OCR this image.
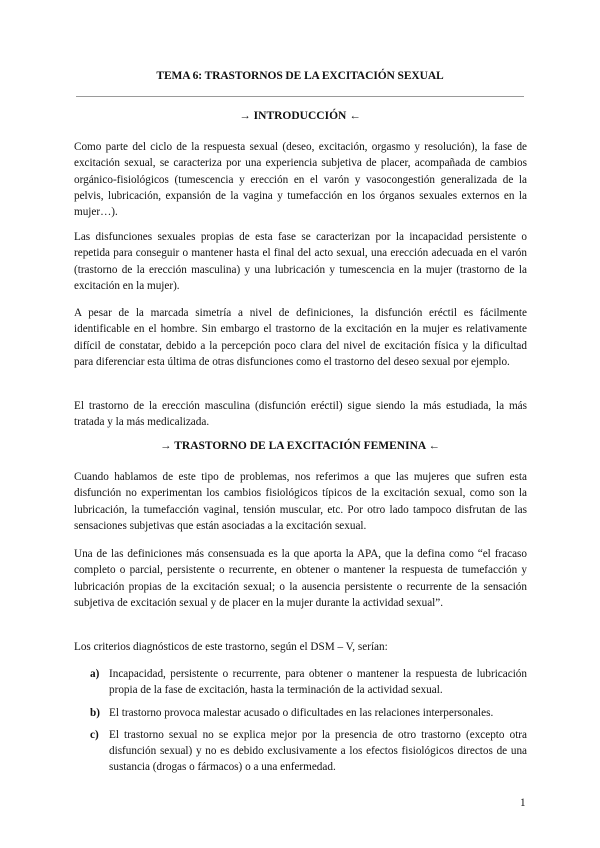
TEMA 6: TRASTORNOS DE LA EXCITACIÓN SEXUAL
→ INTRODUCCIÓN ←

Como parte del ciclo de la respuesta sexual (deseo, excitación, orgasmo y resolución), la fase de excitación sexual, se caracteriza por una experiencia subjetiva de placer, acompañada de cambios orgánico-fisiológicos (tumescencia y erección en el varón y vasocongestión generalizada de la pelvis, lubricación, expansión de la vagina y tumefacción en los órganos sexuales externos en la mujer…).

Las disfunciones sexuales propias de esta fase se caracterizan por la incapacidad persistente o repetida para conseguir o mantener hasta el final del acto sexual, una erección adecuada en el varón (trastorno de la erección masculina) y una lubricación y tumescencia en la mujer (trastorno de la excitación en la mujer).

A pesar de la marcada simetría a nivel de definiciones, la disfunción eréctil es fácilmente identificable en el hombre. Sin embargo el trastorno de la excitación en la mujer es relativamente difícil de constatar, debido a la percepción poco clara del nivel de excitación física y la dificultad para diferenciar esta última de otras disfunciones como el trastorno del deseo sexual por ejemplo.

El trastorno de la erección masculina (disfunción eréctil) sigue siendo la más estudiada, la más tratada y la más medicalizada.

→ TRASTORNO DE LA EXCITACIÓN FEMENINA ←

Cuando hablamos de este tipo de problemas, nos referimos a que las mujeres que sufren esta disfunción no experimentan los cambios fisiológicos típicos de la excitación sexual, como son la lubricación, la tumefacción vaginal, tensión muscular, etc. Por otro lado tampoco disfrutan de las sensaciones subjetivas que están asociadas a la excitación sexual.

Una de las definiciones más consensuada es la que aporta la APA, que la defina como “el fracaso completo o parcial, persistente o recurrente, en obtener o mantener la respuesta de tumefacción y lubricación propias de la excitación sexual; o la ausencia persistente o recurrente de la sensación subjetiva de excitación sexual y de placer en la mujer durante la actividad sexual”.

Los criterios diagnósticos de este trastorno, según el DSM – V, serían:

a) Incapacidad, persistente o recurrente, para obtener o mantener la respuesta de lubricación propia de la fase de excitación, hasta la terminación de la actividad sexual.
b) El trastorno provoca malestar acusado o dificultades en las relaciones interpersonales.
c) El trastorno sexual no se explica mejor por la presencia de otro trastorno (excepto otra disfunción sexual) y no es debido exclusivamente a los efectos fisiológicos directos de una sustancia (drogas o fármacos) o a una enfermedad.
1
